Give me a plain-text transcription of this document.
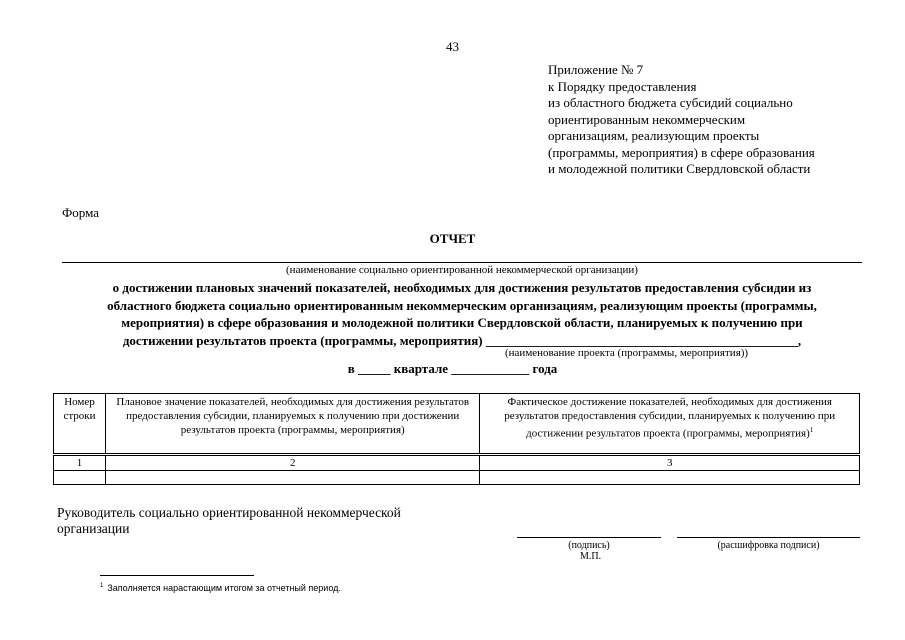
43
Приложение № 7
к Порядку предоставления
из областного бюджета субсидий социально
ориентированным некоммерческим
организациям, реализующим проекты
(программы, мероприятия) в сфере образования
и молодежной политики Свердловской области
Форма
ОТЧЕТ
(наименование социально ориентированной некоммерческой организации)
о достижении плановых значений показателей, необходимых для достижения результатов предоставления субсидии из
областного бюджета социально ориентированным некоммерческим организациям, реализующим проекты (программы,
мероприятия) в сфере образования и молодежной политики Свердловской области, планируемых к получению при
достижении результатов проекта (программы, мероприятия) ________________________________________________,
(наименование проекта (программы, мероприятия))
в _____ квартале ____________ года
Номер строки	Плановое значение показателей, необходимых для достижения результатов предоставления субсидии, планируемых к получению при достижении результатов проекта (программы, мероприятия)	Фактическое достижение показателей, необходимых для достижения результатов предоставления субсидии, планируемых к получению при достижении результатов проекта (программы, мероприятия)$^1$
1	2	3

Руководитель социально ориентированной некоммерческой
организации
(подпись)	(расшифровка подписи)
М.П.
$^1$ Заполняется нарастающим итогом за отчетный период.
